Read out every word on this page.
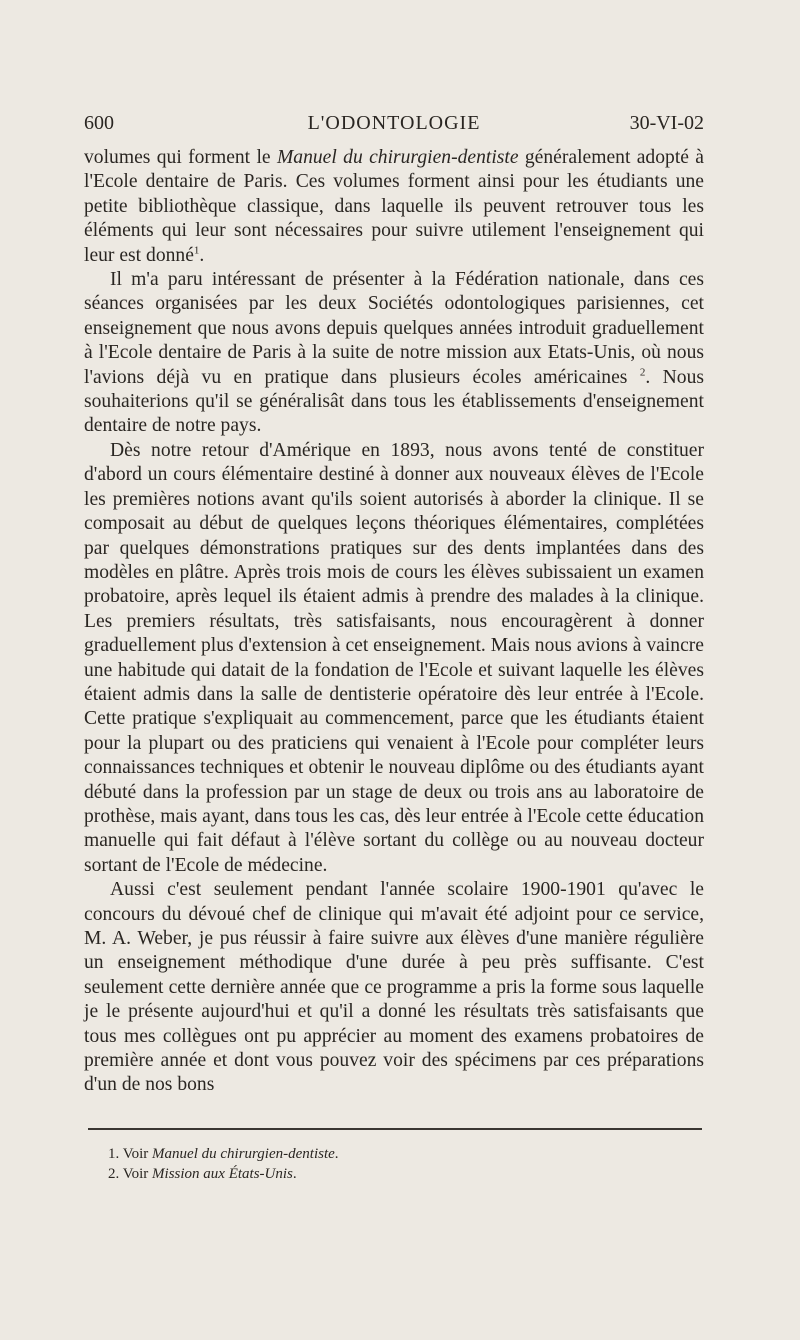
600	L'ODONTOLOGIE	30-VI-02

volumes qui forment le Manuel du chirurgien-dentiste généralement adopté à l'Ecole dentaire de Paris. Ces volumes forment ainsi pour les étudiants une petite bibliothèque classique, dans laquelle ils peuvent retrouver tous les éléments qui leur sont nécessaires pour suivre utilement l'enseignement qui leur est donné$^1$.

Il m'a paru intéressant de présenter à la Fédération nationale, dans ces séances organisées par les deux Sociétés odontologiques parisiennes, cet enseignement que nous avons depuis quelques années introduit graduellement à l'Ecole dentaire de Paris à la suite de notre mission aux Etats-Unis, où nous l'avions déjà vu en pratique dans plusieurs écoles américaines $^2$. Nous souhaiterions qu'il se généralisât dans tous les établissements d'enseignement dentaire de notre pays.

Dès notre retour d'Amérique en 1893, nous avons tenté de constituer d'abord un cours élémentaire destiné à donner aux nouveaux élèves de l'Ecole les premières notions avant qu'ils soient autorisés à aborder la clinique. Il se composait au début de quelques leçons théoriques élémentaires, complétées par quelques démonstrations pratiques sur des dents implantées dans des modèles en plâtre. Après trois mois de cours les élèves subissaient un examen probatoire, après lequel ils étaient admis à prendre des malades à la clinique. Les premiers résultats, très satisfaisants, nous encouragèrent à donner graduellement plus d'extension à cet enseignement. Mais nous avions à vaincre une habitude qui datait de la fondation de l'Ecole et suivant laquelle les élèves étaient admis dans la salle de dentisterie opératoire dès leur entrée à l'Ecole. Cette pratique s'expliquait au commencement, parce que les étudiants étaient pour la plupart ou des praticiens qui venaient à l'Ecole pour compléter leurs connaissances techniques et obtenir le nouveau diplôme ou des étudiants ayant débuté dans la profession par un stage de deux ou trois ans au laboratoire de prothèse, mais ayant, dans tous les cas, dès leur entrée à l'Ecole cette éducation manuelle qui fait défaut à l'élève sortant du collège ou au nouveau docteur sortant de l'Ecole de médecine.

Aussi c'est seulement pendant l'année scolaire 1900-1901 qu'avec le concours du dévoué chef de clinique qui m'avait été adjoint pour ce service, M. A. Weber, je pus réussir à faire suivre aux élèves d'une manière régulière un enseignement méthodique d'une durée à peu près suffisante. C'est seulement cette dernière année que ce programme a pris la forme sous laquelle je le présente aujourd'hui et qu'il a donné les résultats très satisfaisants que tous mes collègues ont pu apprécier au moment des examens probatoires de première année et dont vous pouvez voir des spécimens par ces préparations d'un de nos bons

1. Voir Manuel du chirurgien-dentiste.
2. Voir Mission aux États-Unis.
